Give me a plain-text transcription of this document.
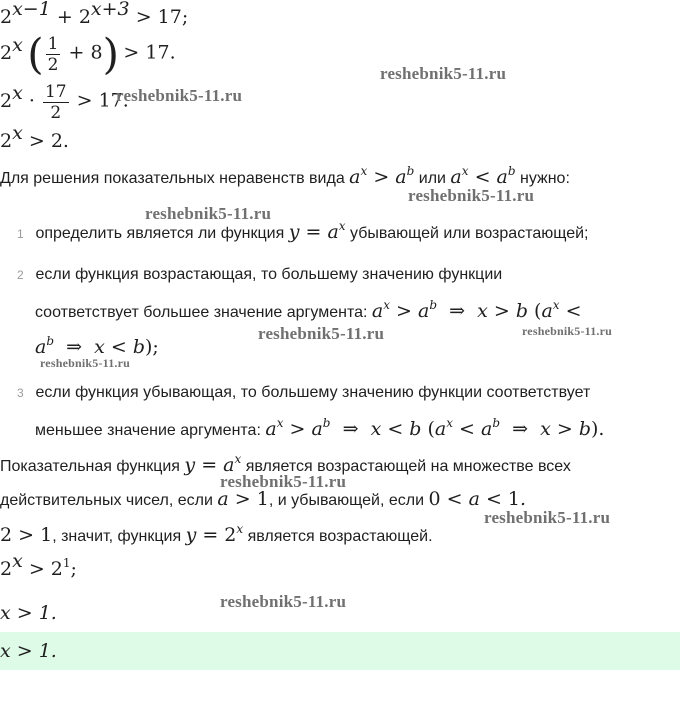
$2^{x-1} + 2^{x+3} > 17$;
2$^x$ ( $\frac{1}{2} + 8) > 17$.
$2^x \cdot \frac{17}{2} > 17$.
$2^x > 2$.
Для решения показательных неравенств вида $a^x > a^b$ или $a^x < a^b$ нужно:
1 определить является ли функция $y = a^x$ убывающей или возрастающей;
2 если функция возрастающая, то большему значению функции
соответствует большее значение аргумента: $a^x > a^b$  ⇒  x > b ($a^x$ <
$a^b$  ⇒  x < b);
3 если функция убывающая, то большему значению функции соответствует
меньшее значение аргумента: $a^x > a^b$  ⇒  x < b ($a^x < a^b$  ⇒  x > b).
Показательная функция $y = a^x$ является возрастающей на множестве всех
действительных чисел, если a > 1, и убывающей, если 0 < a < 1.
2 > 1, значит, функция $y = 2^x$ является возрастающей.
$2^x > 2^1$;
x > 1.
x > 1.
reshebnik5-11.ru
reshebnik5-11.ru
reshebnik5-11.ru
reshebnik5-11.ru
reshebnik5-11.ru	reshebnik5-11.ru
reshebnik5-11.ru
reshebnik5-11.ru
reshebnik5-11.ru
reshebnik5-11.ru
